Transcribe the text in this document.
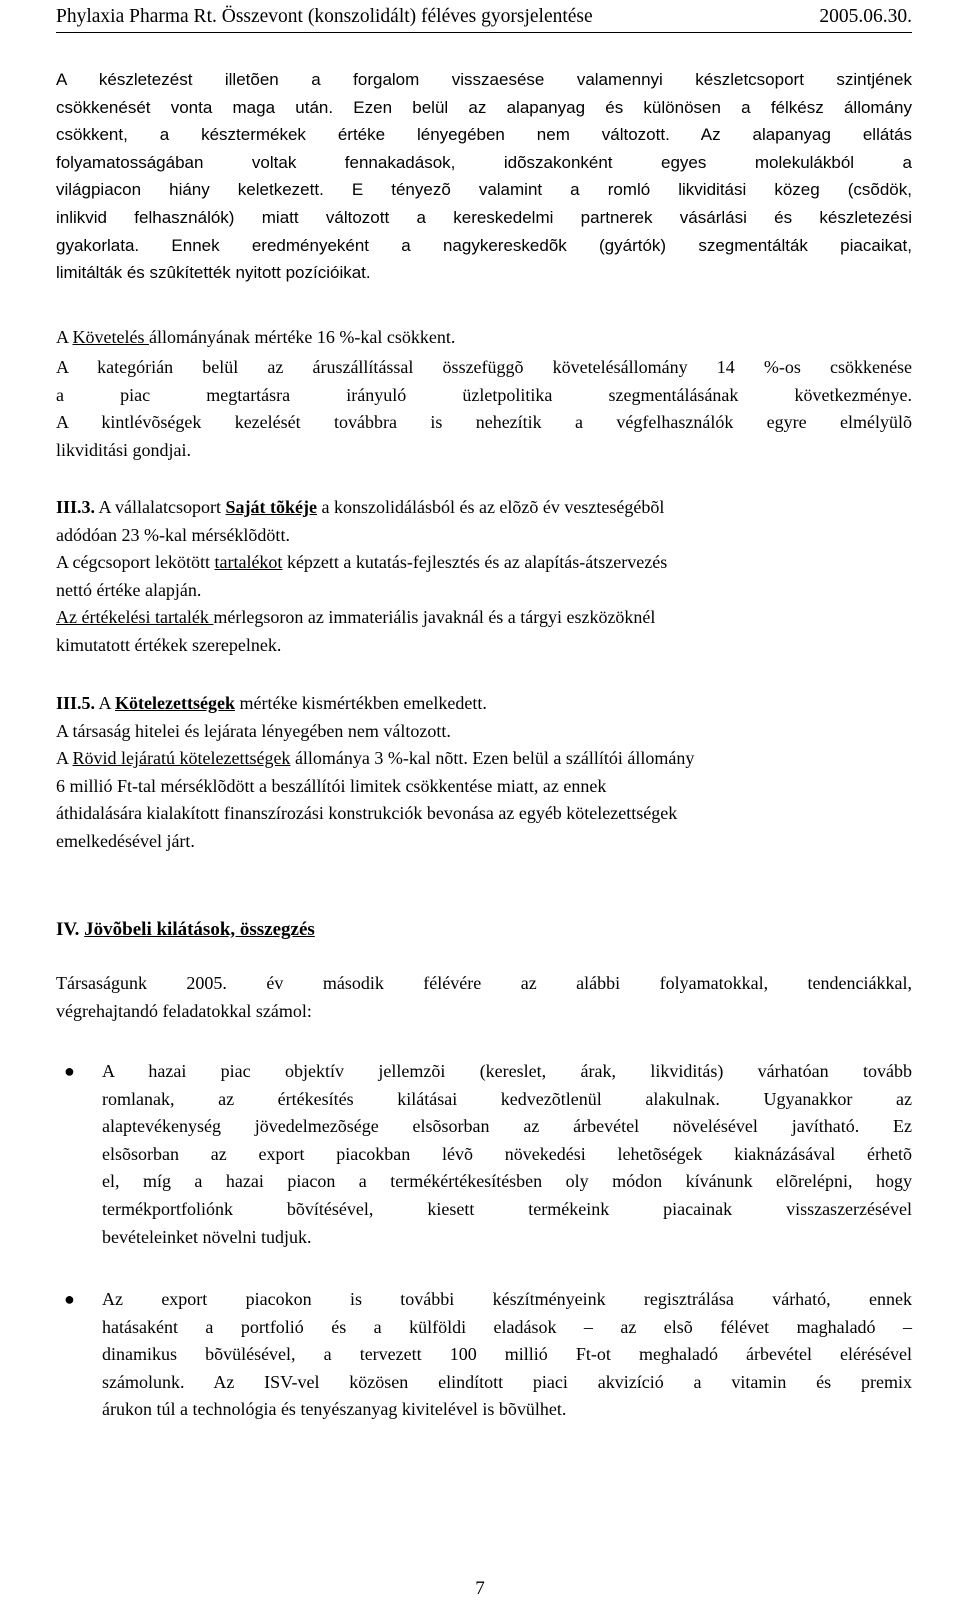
Phylaxia Pharma Rt. Összevont (konszolidált) féléves gyorsjelentése	2005.06.30.

A készletezést illetõen a forgalom visszaesése valamennyi készletcsoport szintjének
csökkenését vonta maga után. Ezen belül az alapanyag és különösen a félkész állomány
csökkent, a késztermékek értéke lényegében nem változott. Az alapanyag ellátás
folyamatosságában voltak fennakadások, idõszakonként egyes molekulákból a
világpiacon hiány keletkezett. E tényezõ valamint a romló likviditási közeg (csõdök,
inlikvid felhasználók) miatt változott a kereskedelmi partnerek vásárlási és készletezési
gyakorlata. Ennek eredményeként a nagykereskedõk (gyártók) szegmentálták piacaikat,
limitálták és szûkítették nyitott pozícióikat.

A Követelés állományának mértéke 16 %-kal csökkent.

A kategórián belül az áruszállítással összefüggõ követelésállomány 14 %-os csökkenése
a piac megtartásra irányuló üzletpolitika szegmentálásának következménye.
A kintlévõségek kezelését továbbra is nehezítik a végfelhasználók egyre elmélyülõ
likviditási gondjai.

III.3. A vállalatcsoport Saját tõkéje a konszolidálásból és az elõzõ év veszteségébõl
adódóan 23 %-kal mérséklõdött.
A cégcsoport lekötött tartalékot képzett a kutatás-fejlesztés és az alapítás-átszervezés
nettó értéke alapján.
Az értékelési tartalék mérlegsoron az immateriális javaknál és a tárgyi eszközöknél
kimutatott értékek szerepelnek.

III.5. A Kötelezettségek mértéke kismértékben emelkedett.
A társaság hitelei és lejárata lényegében nem változott.
A Rövid lejáratú kötelezettségek állománya 3 %-kal nõtt. Ezen belül a szállítói állomány
6 millió Ft-tal mérséklõdött a beszállítói limitek csökkentése miatt, az ennek
áthidalására kialakított finanszírozási konstrukciók bevonása az egyéb kötelezettségek
emelkedésével járt.

IV. Jövõbeli kilátások, összegzés

Társaságunk 2005. év második félévére az alábbi folyamatokkal, tendenciákkal,
végrehajtandó feladatokkal számol:

● A hazai piac objektív jellemzõi (kereslet, árak, likviditás) várhatóan tovább
romlanak, az értékesítés kilátásai kedvezõtlenül alakulnak. Ugyanakkor az
alaptevékenység jövedelmezõsége elsõsorban az árbevétel növelésével javítható. Ez
elsõsorban az export piacokban lévõ növekedési lehetõségek kiaknázásával érhetõ
el, míg a hazai piacon a termékértékesítésben oly módon kívánunk elõrelépni, hogy
termékportfoliónk bõvítésével, kiesett termékeink piacainak visszaszerzésével
bevételeinket növelni tudjuk.

● Az export piacokon is további készítményeink regisztrálása várható, ennek
hatásaként a portfolió és a külföldi eladások – az elsõ félévet maghaladó –
dinamikus bõvülésével, a tervezett 100 millió Ft-ot meghaladó árbevétel elérésével
számolunk. Az ISV-vel közösen elindított piaci akvizíció a vitamin és premix
árukon túl a technológia és tenyészanyag kivitelével is bõvülhet.

7
